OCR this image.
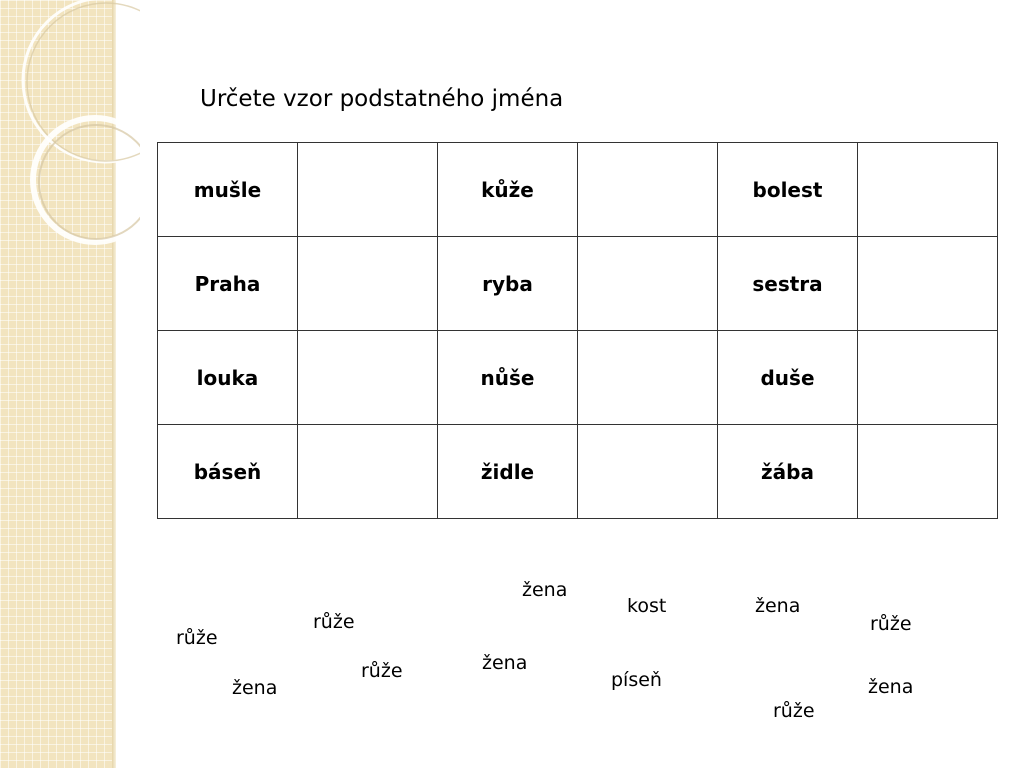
Určete vzor podstatného jména
mušle		kůže		bolest	
Praha		ryba		sestra	
louka		nůše		duše	
báseň		židle		žába	
žena
kost	žena
růže	růže
růže
žena
růže
žena	píseň	žena
růže
